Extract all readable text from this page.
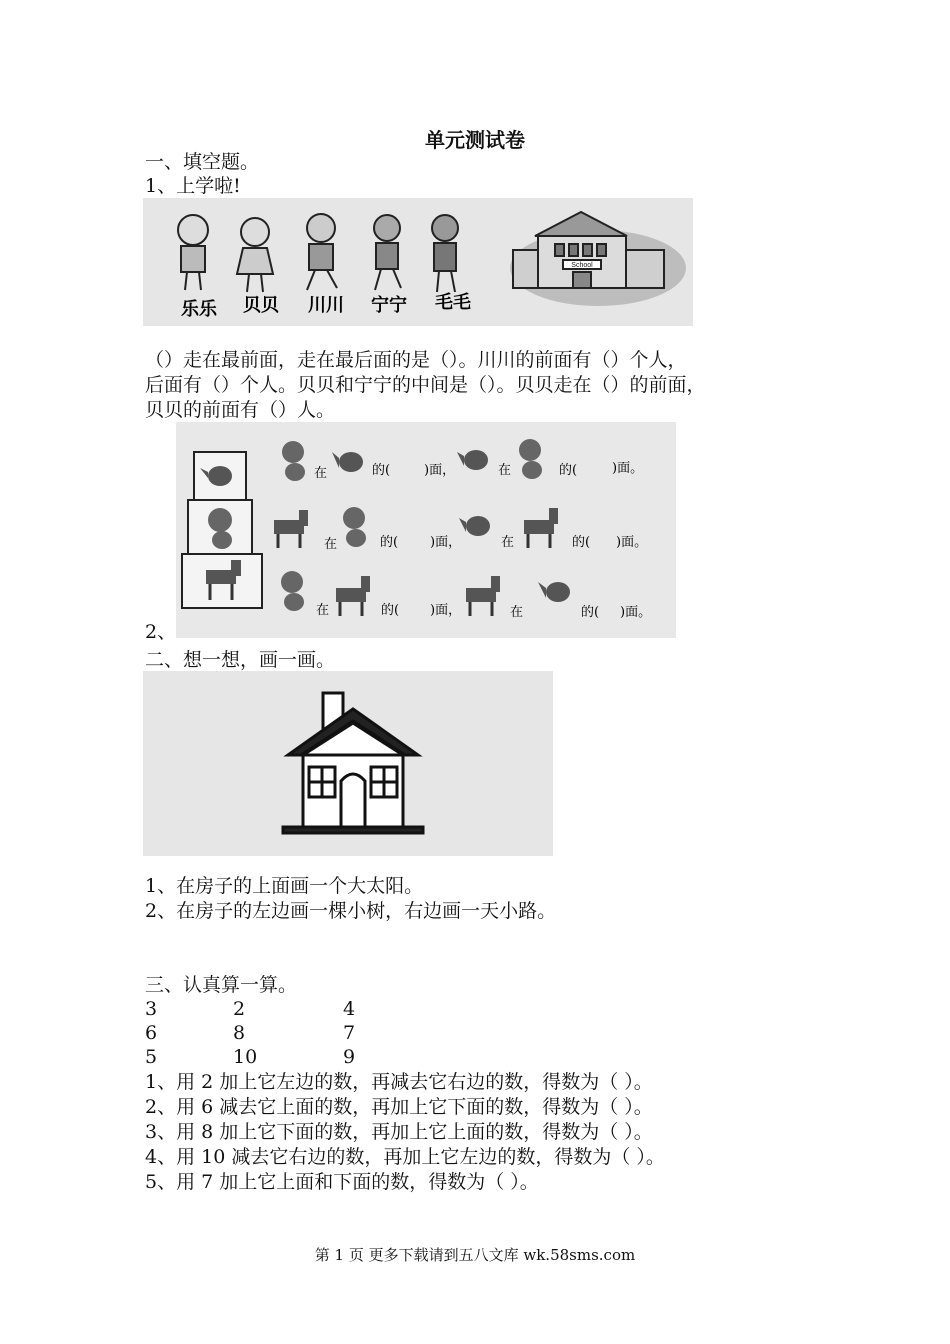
单元测试卷
一、填空题。
1、上学啦!
School
乐乐 贝贝 川川 宁宁 毛毛
（）走在最前面，走在最后面的是（）。川川的前面有（）个人，
后面有（）个人。贝贝和宁宁的中间是（）。贝贝走在（）的前面，
贝贝的前面有（）人。
2、
在	的(	)面，	在	的(	)面。
在	的( )面，	在	的( )面。
在	的( )面，	在	的( )面。
二、想一想，画一画。
1、在房子的上面画一个大太阳。
2、在房子的左边画一棵小树，右边画一天小路。
三、认真算一算。
3	2	4
6	8	7
5	10	9
1、用 2 加上它左边的数，再减去它右边的数，得数为（ ）。
2、用 6 减去它上面的数，再加上它下面的数，得数为（ ）。
3、用 8 加上它下面的数，再加上它上面的数，得数为（ ）。
4、用 10 减去它右边的数，再加上它左边的数，得数为（ ）。
5、用 7 加上它上面和下面的数，得数为（ ）。
第 1 页 更多下载请到五八文库 wk.58sms.com
